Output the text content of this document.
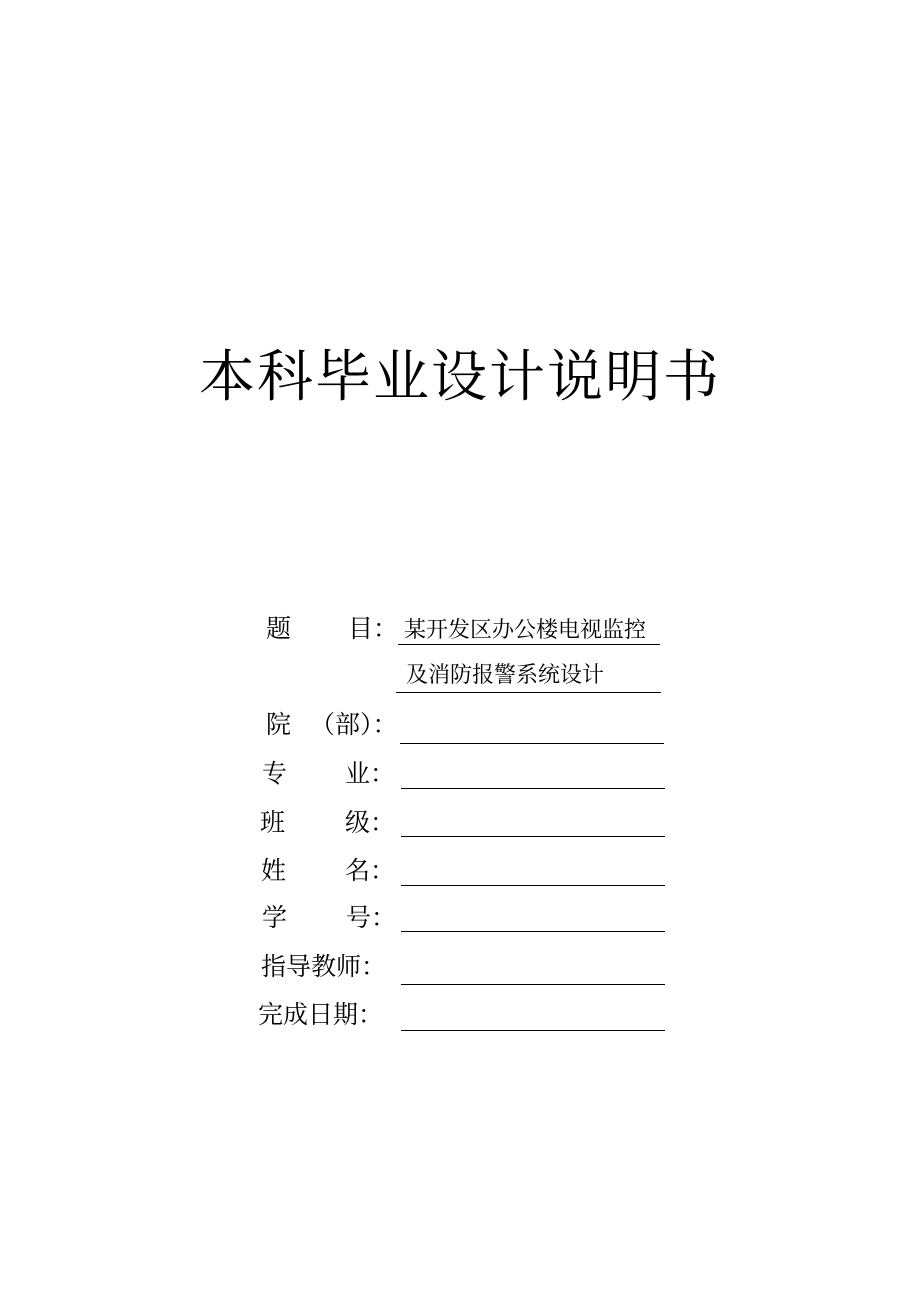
本科毕业设计说明书
题 目： 某开发区办公楼电视监控
及消防报警系统设计
院 （部）：
专 业：
班 级：
姓 名：
学 号：
指导教师：
完成日期：
